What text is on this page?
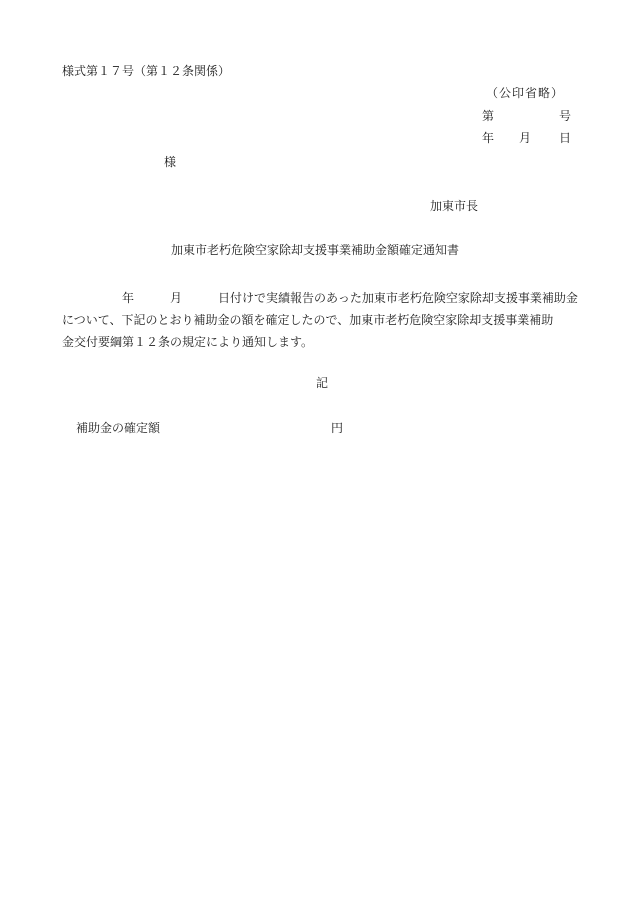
様式第１７号（第１２条関係）
（公印省略）
第	号
年 月 日
様
加東市長
加東市老朽危険空家除却支援事業補助金額確定通知書
　　　　　年　　　月　　　日付けで実績報告のあった加東市老朽危険空家除却支援事業補助金
について、下記のとおり補助金の額を確定したので、加東市老朽危険空家除却支援事業補助
金交付要綱第１２条の規定により通知します。
記
補助金の確定額	円
